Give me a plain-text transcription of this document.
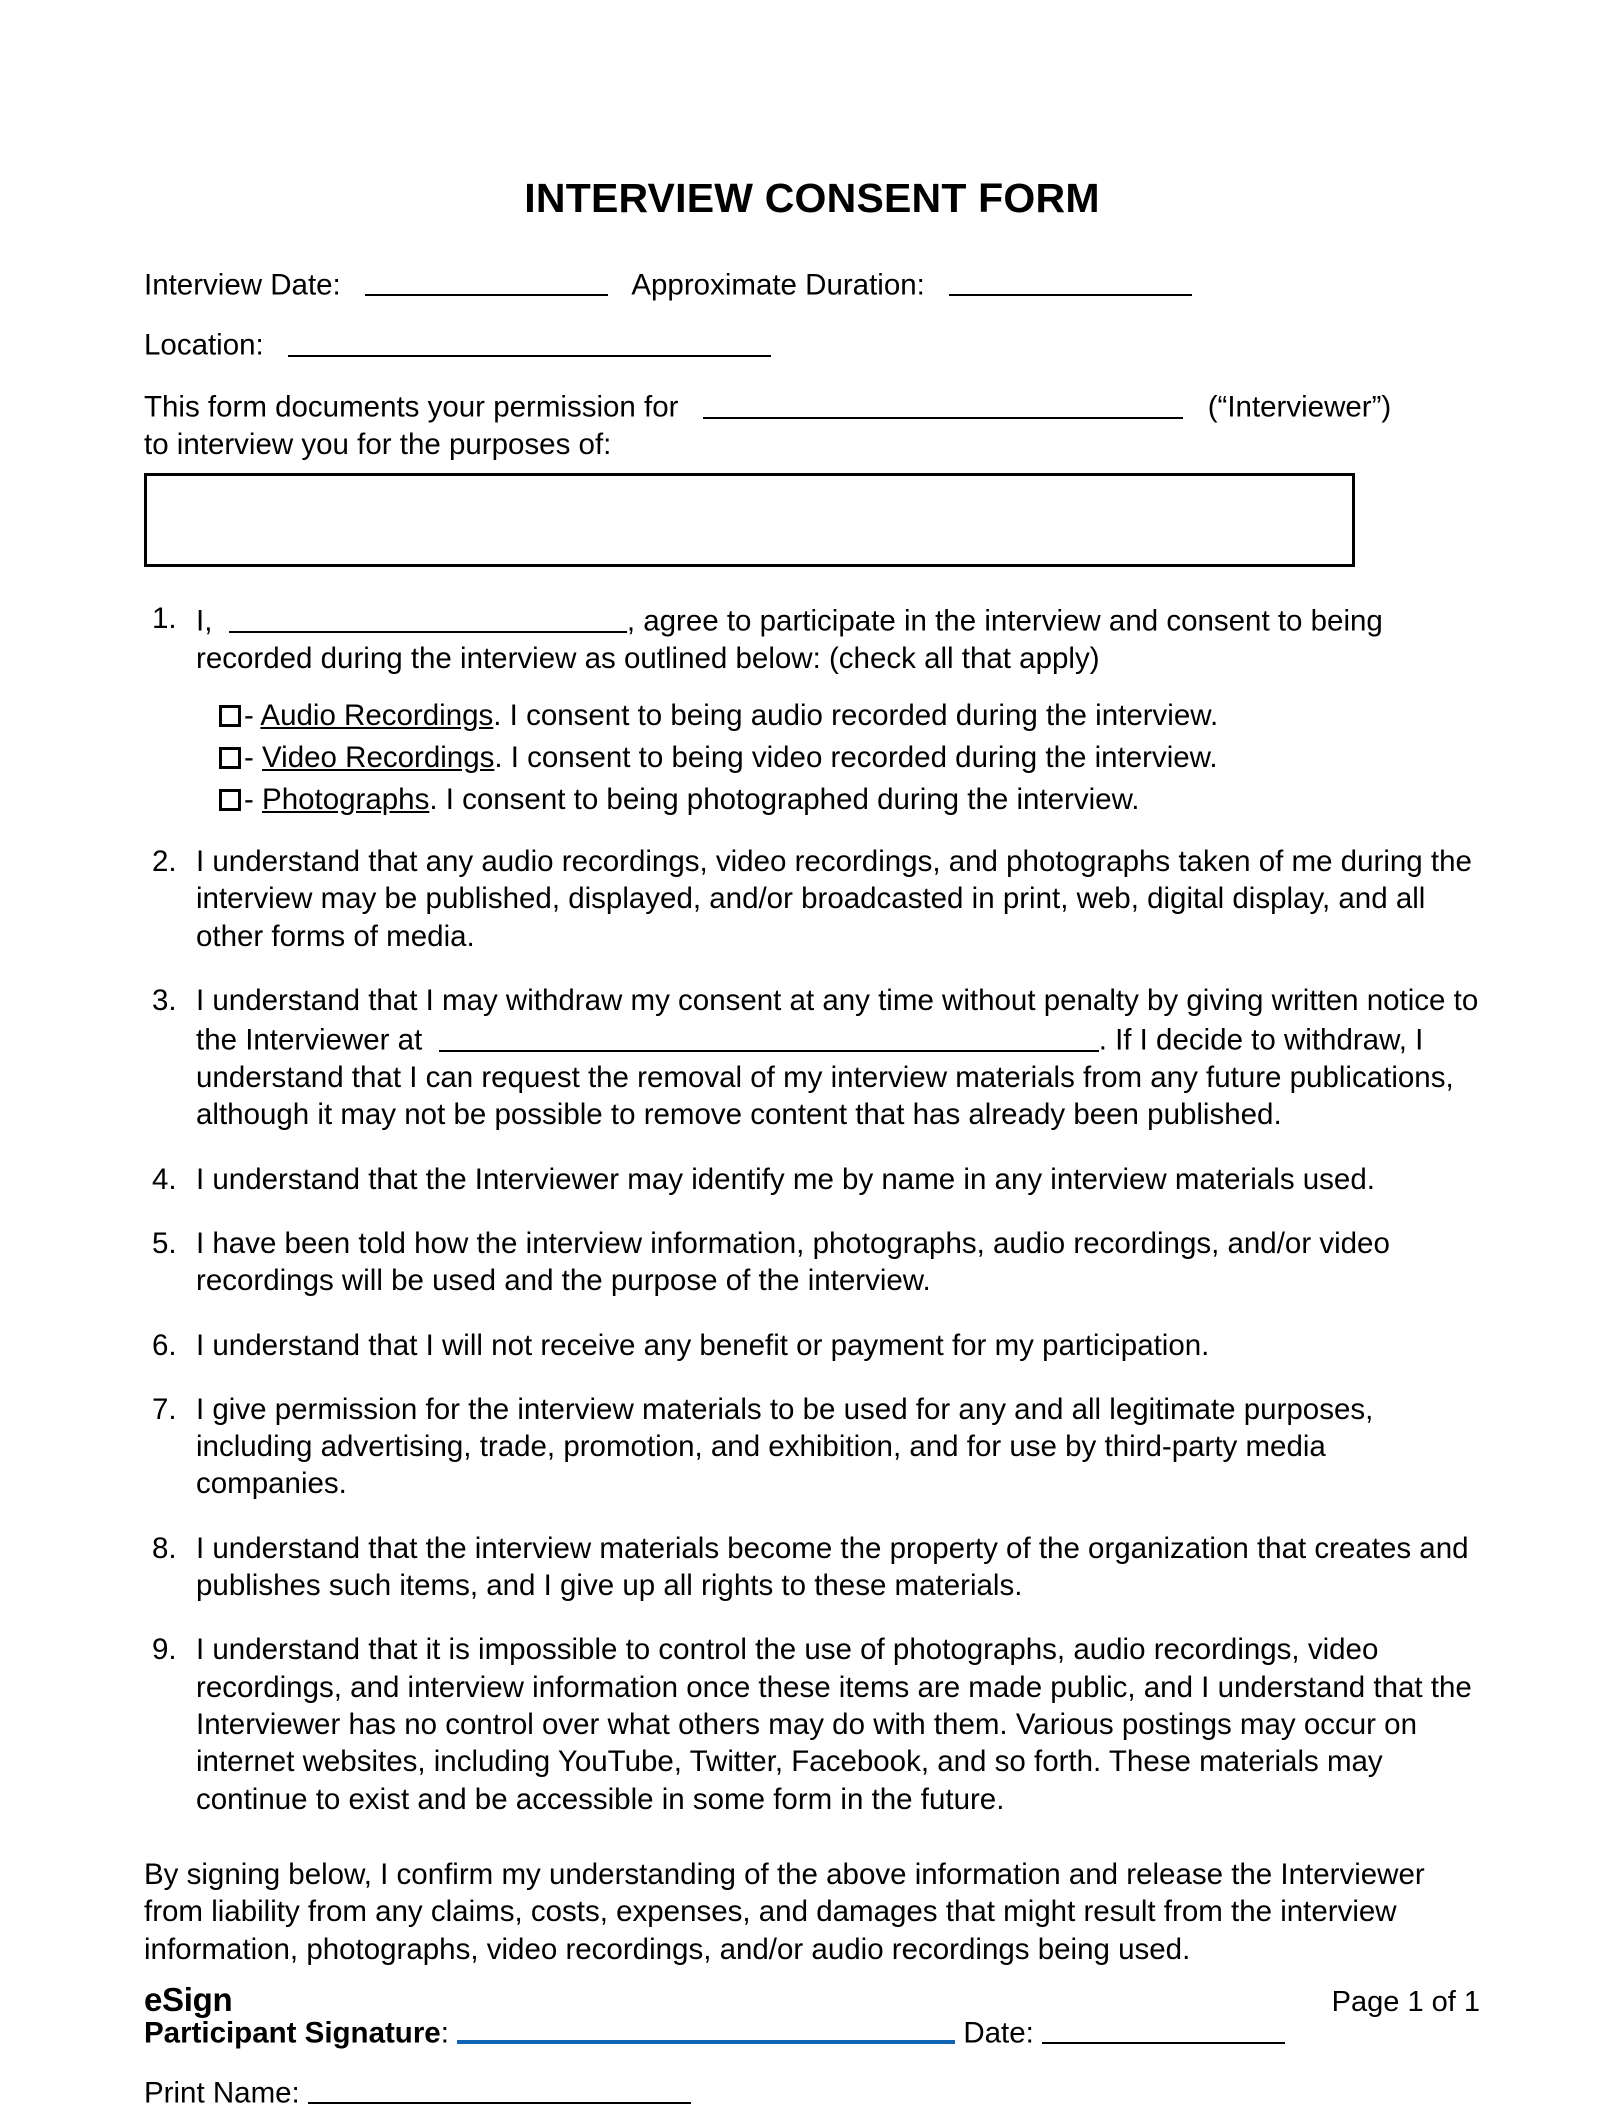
INTERVIEW CONSENT FORM
Interview Date:	Approximate Duration:
Location:
This form documents your permission for	(“Interviewer”)
to interview you for the purposes of:
1. I,	, agree to participate in the interview and consent to being recorded during the interview as outlined below: (check all that apply)
- Audio Recordings. I consent to being audio recorded during the interview.
- Video Recordings. I consent to being video recorded during the interview.
- Photographs. I consent to being photographed during the interview.
2. I understand that any audio recordings, video recordings, and photographs taken of me during the interview may be published, displayed, and/or broadcasted in print, web, digital display, and all other forms of media.
3. I understand that I may withdraw my consent at any time without penalty by giving written notice to the Interviewer at	. If I decide to withdraw, I understand that I can request the removal of my interview materials from any future publications, although it may not be possible to remove content that has already been published.
4. I understand that the Interviewer may identify me by name in any interview materials used.
5. I have been told how the interview information, photographs, audio recordings, and/or video recordings will be used and the purpose of the interview.
6. I understand that I will not receive any benefit or payment for my participation.
7. I give permission for the interview materials to be used for any and all legitimate purposes, including advertising, trade, promotion, and exhibition, and for use by third-party media companies.
8. I understand that the interview materials become the property of the organization that creates and publishes such items, and I give up all rights to these materials.
9. I understand that it is impossible to control the use of photographs, audio recordings, video recordings, and interview information once these items are made public, and I understand that the Interviewer has no control over what others may do with them. Various postings may occur on internet websites, including YouTube, Twitter, Facebook, and so forth. These materials may continue to exist and be accessible in some form in the future.

By signing below, I confirm my understanding of the above information and release the Interviewer from liability from any claims, costs, expenses, and damages that might result from the interview information, photographs, video recordings, and/or audio recordings being used.

Participant Signature:	Date:
Print Name:
eSign	Page 1 of 1
